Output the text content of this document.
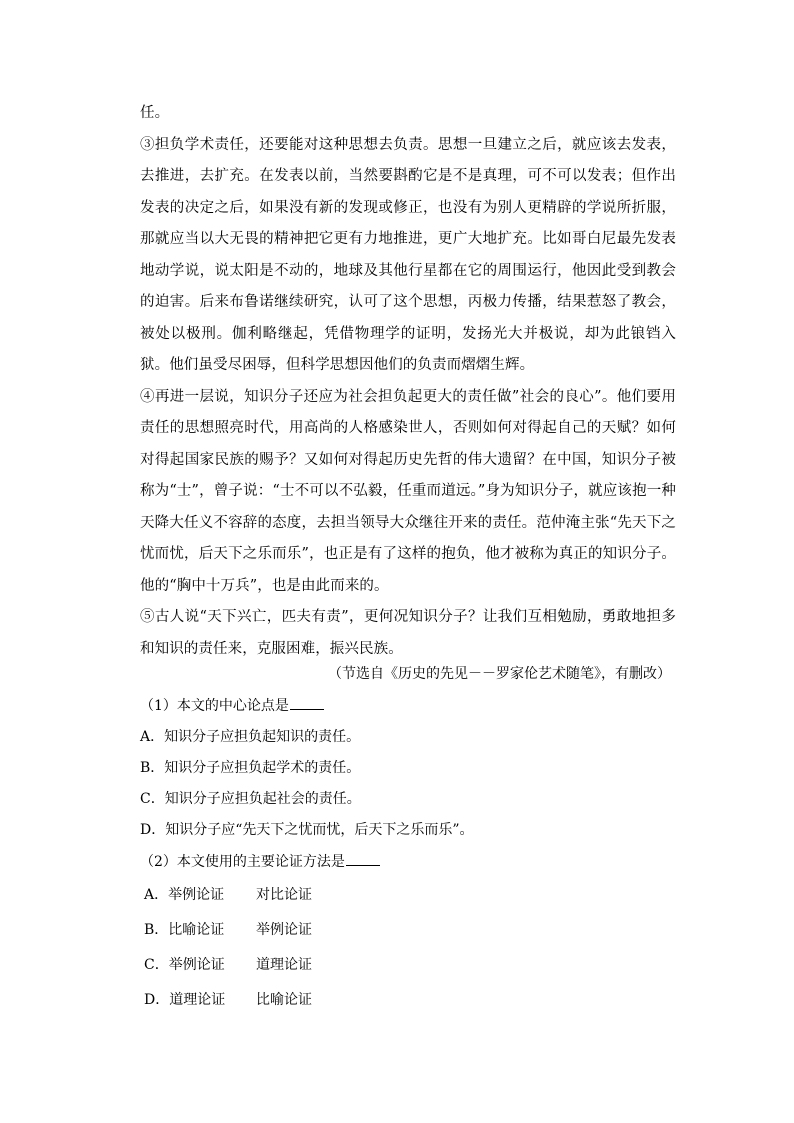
任。
③担负学术责任，还要能对这种思想去负责。思想一旦建立之后，就应该去发表，去推进，去扩充。在发表以前，当然要斟酌它是不是真理，可不可以发表；但作出发表的决定之后，如果没有新的发现或修正，也没有为别人更精辟的学说所折服，那就应当以大无畏的精神把它更有力地推进，更广大地扩充。比如哥白尼最先发表地动学说，说太阳是不动的，地球及其他行星都在它的周围运行，他因此受到教会的迫害。后来布鲁诺继续研究，认可了这个思想，丙极力传播，结果惹怒了教会，被处以极刑。伽利略继起，凭借物理学的证明，发扬光大并极说，却为此锒铛入狱。他们虽受尽困辱，但科学思想因他们的负责而熠熠生辉。
④再进一层说，知识分子还应为社会担负起更大的责任做”社会的良心”。他们要用责任的思想照亮时代，用高尚的人格感染世人，否则如何对得起自己的天赋？如何对得起国家民族的赐予？又如何对得起历史先哲的伟大遗留？在中国，知识分子被称为“士”，曾子说：“士不可以不弘毅，任重而道远。”身为知识分子，就应该抱一种天降大任义不容辞的态度，去担当领导大众继往开来的责任。范仲淹主张“先天下之忧而忧，后天下之乐而乐”，也正是有了这样的抱负，他才被称为真正的知识分子。他的“胸中十万兵”，也是由此而来的。
⑤古人说“天下兴亡，匹夫有责”，更何况知识分子？让我们互相勉励，勇敢地担多和知识的责任来，克服困难，振兴民族。

（节选自《历史的先见－－罗家伦艺术随笔》，有删改）

（1）本文的中心论点是

A．知识分子应担负起知识的责任。

B．知识分子应担负起学术的责任。

C．知识分子应担负起社会的责任。

D．知识分子应“先天下之忧而忧，后天下之乐而乐”。

（2）本文使用的主要论证方法是

A．举例论证 对比论证
B．比喻论证 举例论证
C．举例论证 道理论证
D．道理论证 比喻论证
